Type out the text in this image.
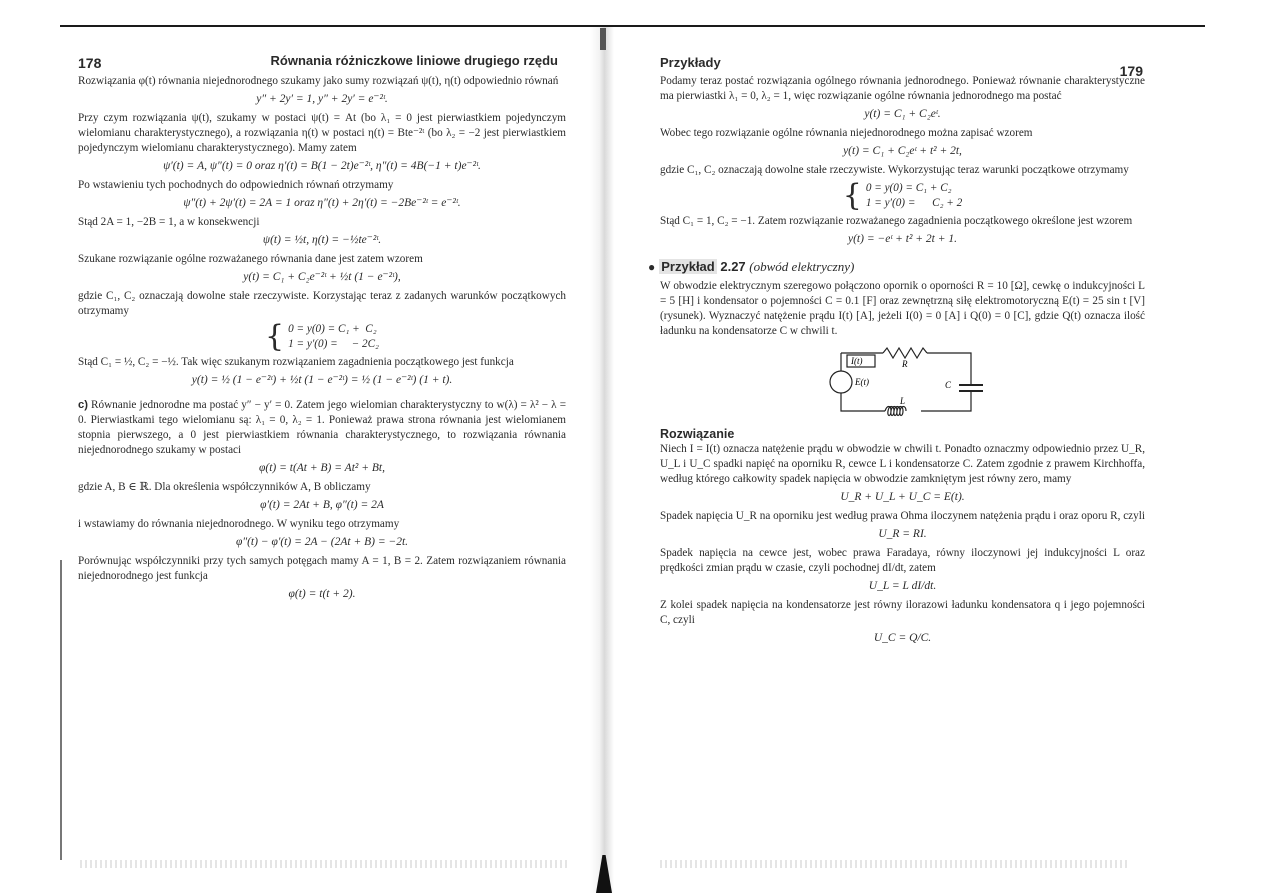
178	Równania różniczkowe liniowe drugiego rzędu

Rozwiązania φ(t) równania niejednorodnego szukamy jako sumy rozwiązań ψ(t), η(t) odpowiednio równań

y″ + 2y′ = 1, y″ + 2y′ = e⁻²ᵗ.

Przy czym rozwiązania ψ(t), szukamy w postaci ψ(t) = At (bo λ₁ = 0 jest pierwiastkiem pojedynczym wielomianu charakterystycznego), a rozwiązania η(t) w postaci η(t) = Bte⁻²ᵗ (bo λ₂ = −2 jest pierwiastkiem pojedynczym wielomianu charakterystycznego). Mamy zatem

ψ′(t) = A, ψ″(t) = 0 oraz η′(t) = B(1 − 2t)e⁻²ᵗ, η″(t) = 4B(−1 + t)e⁻²ᵗ.

Po wstawieniu tych pochodnych do odpowiednich równań otrzymamy

ψ″(t) + 2ψ′(t) = 2A = 1 oraz η″(t) + 2η′(t) = −2Be⁻²ᵗ = e⁻²ᵗ.

Stąd 2A = 1, −2B = 1, a w konsekwencji

ψ(t) = ½t, η(t) = −½te⁻²ᵗ.

Szukane rozwiązanie ogólne rozważanego równania dane jest zatem wzorem

y(t) = C₁ + C₂e⁻²ᵗ + ½t (1 − e⁻²ᵗ),

gdzie C₁, C₂ oznaczają dowolne stałe rzeczywiste. Korzystając teraz z zadanych warunków początkowych otrzymamy

{ 0 = y(0) = C₁ +  C₂
1 = y′(0) =     − 2C₂

Stąd C₁ = ½, C₂ = −½. Tak więc szukanym rozwiązaniem zagadnienia początkowego jest funkcja

y(t) = ½ (1 − e⁻²ᵗ) + ½t (1 − e⁻²ᵗ) = ½ (1 − e⁻²ᵗ) (1 + t).

c) Równanie jednorodne ma postać y″ − y′ = 0. Zatem jego wielomian charakterystyczny to w(λ) = λ² − λ = 0. Pierwiastkami tego wielomianu są: λ₁ = 0, λ₂ = 1. Ponieważ prawa strona równania jest wielomianem stopnia pierwszego, a 0 jest pierwiastkiem równania charakterystycznego, to rozwiązania równania niejednorodnego szukamy w postaci

φ(t) = t(At + B) = At² + Bt,

gdzie A, B ∈ ℝ. Dla określenia współczynników A, B obliczamy

φ′(t) = 2At + B, φ″(t) = 2A

i wstawiamy do równania niejednorodnego. W wyniku tego otrzymamy

φ″(t) − φ′(t) = 2A − (2At + B) = −2t.

Porównując współczynniki przy tych samych potęgach mamy A = 1, B = 2. Zatem rozwiązaniem równania niejednorodnego jest funkcja

φ(t) = t(t + 2).
Przykłady
179

Podamy teraz postać rozwiązania ogólnego równania jednorodnego. Ponieważ równanie charakterystyczne ma pierwiastki λ₁ = 0, λ₂ = 1, więc rozwiązanie ogólne równania jednorodnego ma postać

y(t) = C₁ + C₂eᵗ.

Wobec tego rozwiązanie ogólne równania niejednorodnego można zapisać wzorem

y(t) = C₁ + C₂eᵗ + t² + 2t,

gdzie C₁, C₂ oznaczają dowolne stałe rzeczywiste. Wykorzystując teraz warunki początkowe otrzymamy

{ 0 = y(0) = C₁ + C₂
1 = y′(0) =      C₂ + 2

Stąd C₁ = 1, C₂ = −1. Zatem rozwiązanie rozważanego zagadnienia początkowego określone jest wzorem

y(t) = −eᵗ + t² + 2t + 1.
● Przykład 2.27 (obwód elektryczny)

W obwodzie elektrycznym szeregowo połączono opornik o oporności R = 10 [Ω], cewkę o indukcyjności L = 5 [H] i kondensator o pojemności C = 0.1 [F] oraz zewnętrzną siłę elektromotoryczną E(t) = 25 sin t [V] (rysunek). Wyznaczyć natężenie prądu I(t) [A], jeżeli I(0) = 0 [A] i Q(0) = 0 [C], gdzie Q(t) oznacza ilość ładunku na kondensatorze C w chwili t.

I(t)	R
E(t)	C
L
Rozwiązanie

Niech I = I(t) oznacza natężenie prądu w obwodzie w chwili t. Ponadto oznaczmy odpowiednio przez U_R, U_L i U_C spadki napięć na oporniku R, cewce L i kondensatorze C. Zatem zgodnie z prawem Kirchhoffa, według którego całkowity spadek napięcia w obwodzie zamkniętym jest równy zero, mamy

U_R + U_L + U_C = E(t).

Spadek napięcia U_R na oporniku jest według prawa Ohma iloczynem natężenia prądu i oraz oporu R, czyli

U_R = RI.

Spadek napięcia na cewce jest, wobec prawa Faradaya, równy iloczynowi jej indukcyjności L oraz prędkości zmian prądu w czasie, czyli pochodnej dI/dt, zatem

U_L = L dI/dt.

Z kolei spadek napięcia na kondensatorze jest równy ilorazowi ładunku kondensatora q i jego pojemności C, czyli

U_C = Q/C.
